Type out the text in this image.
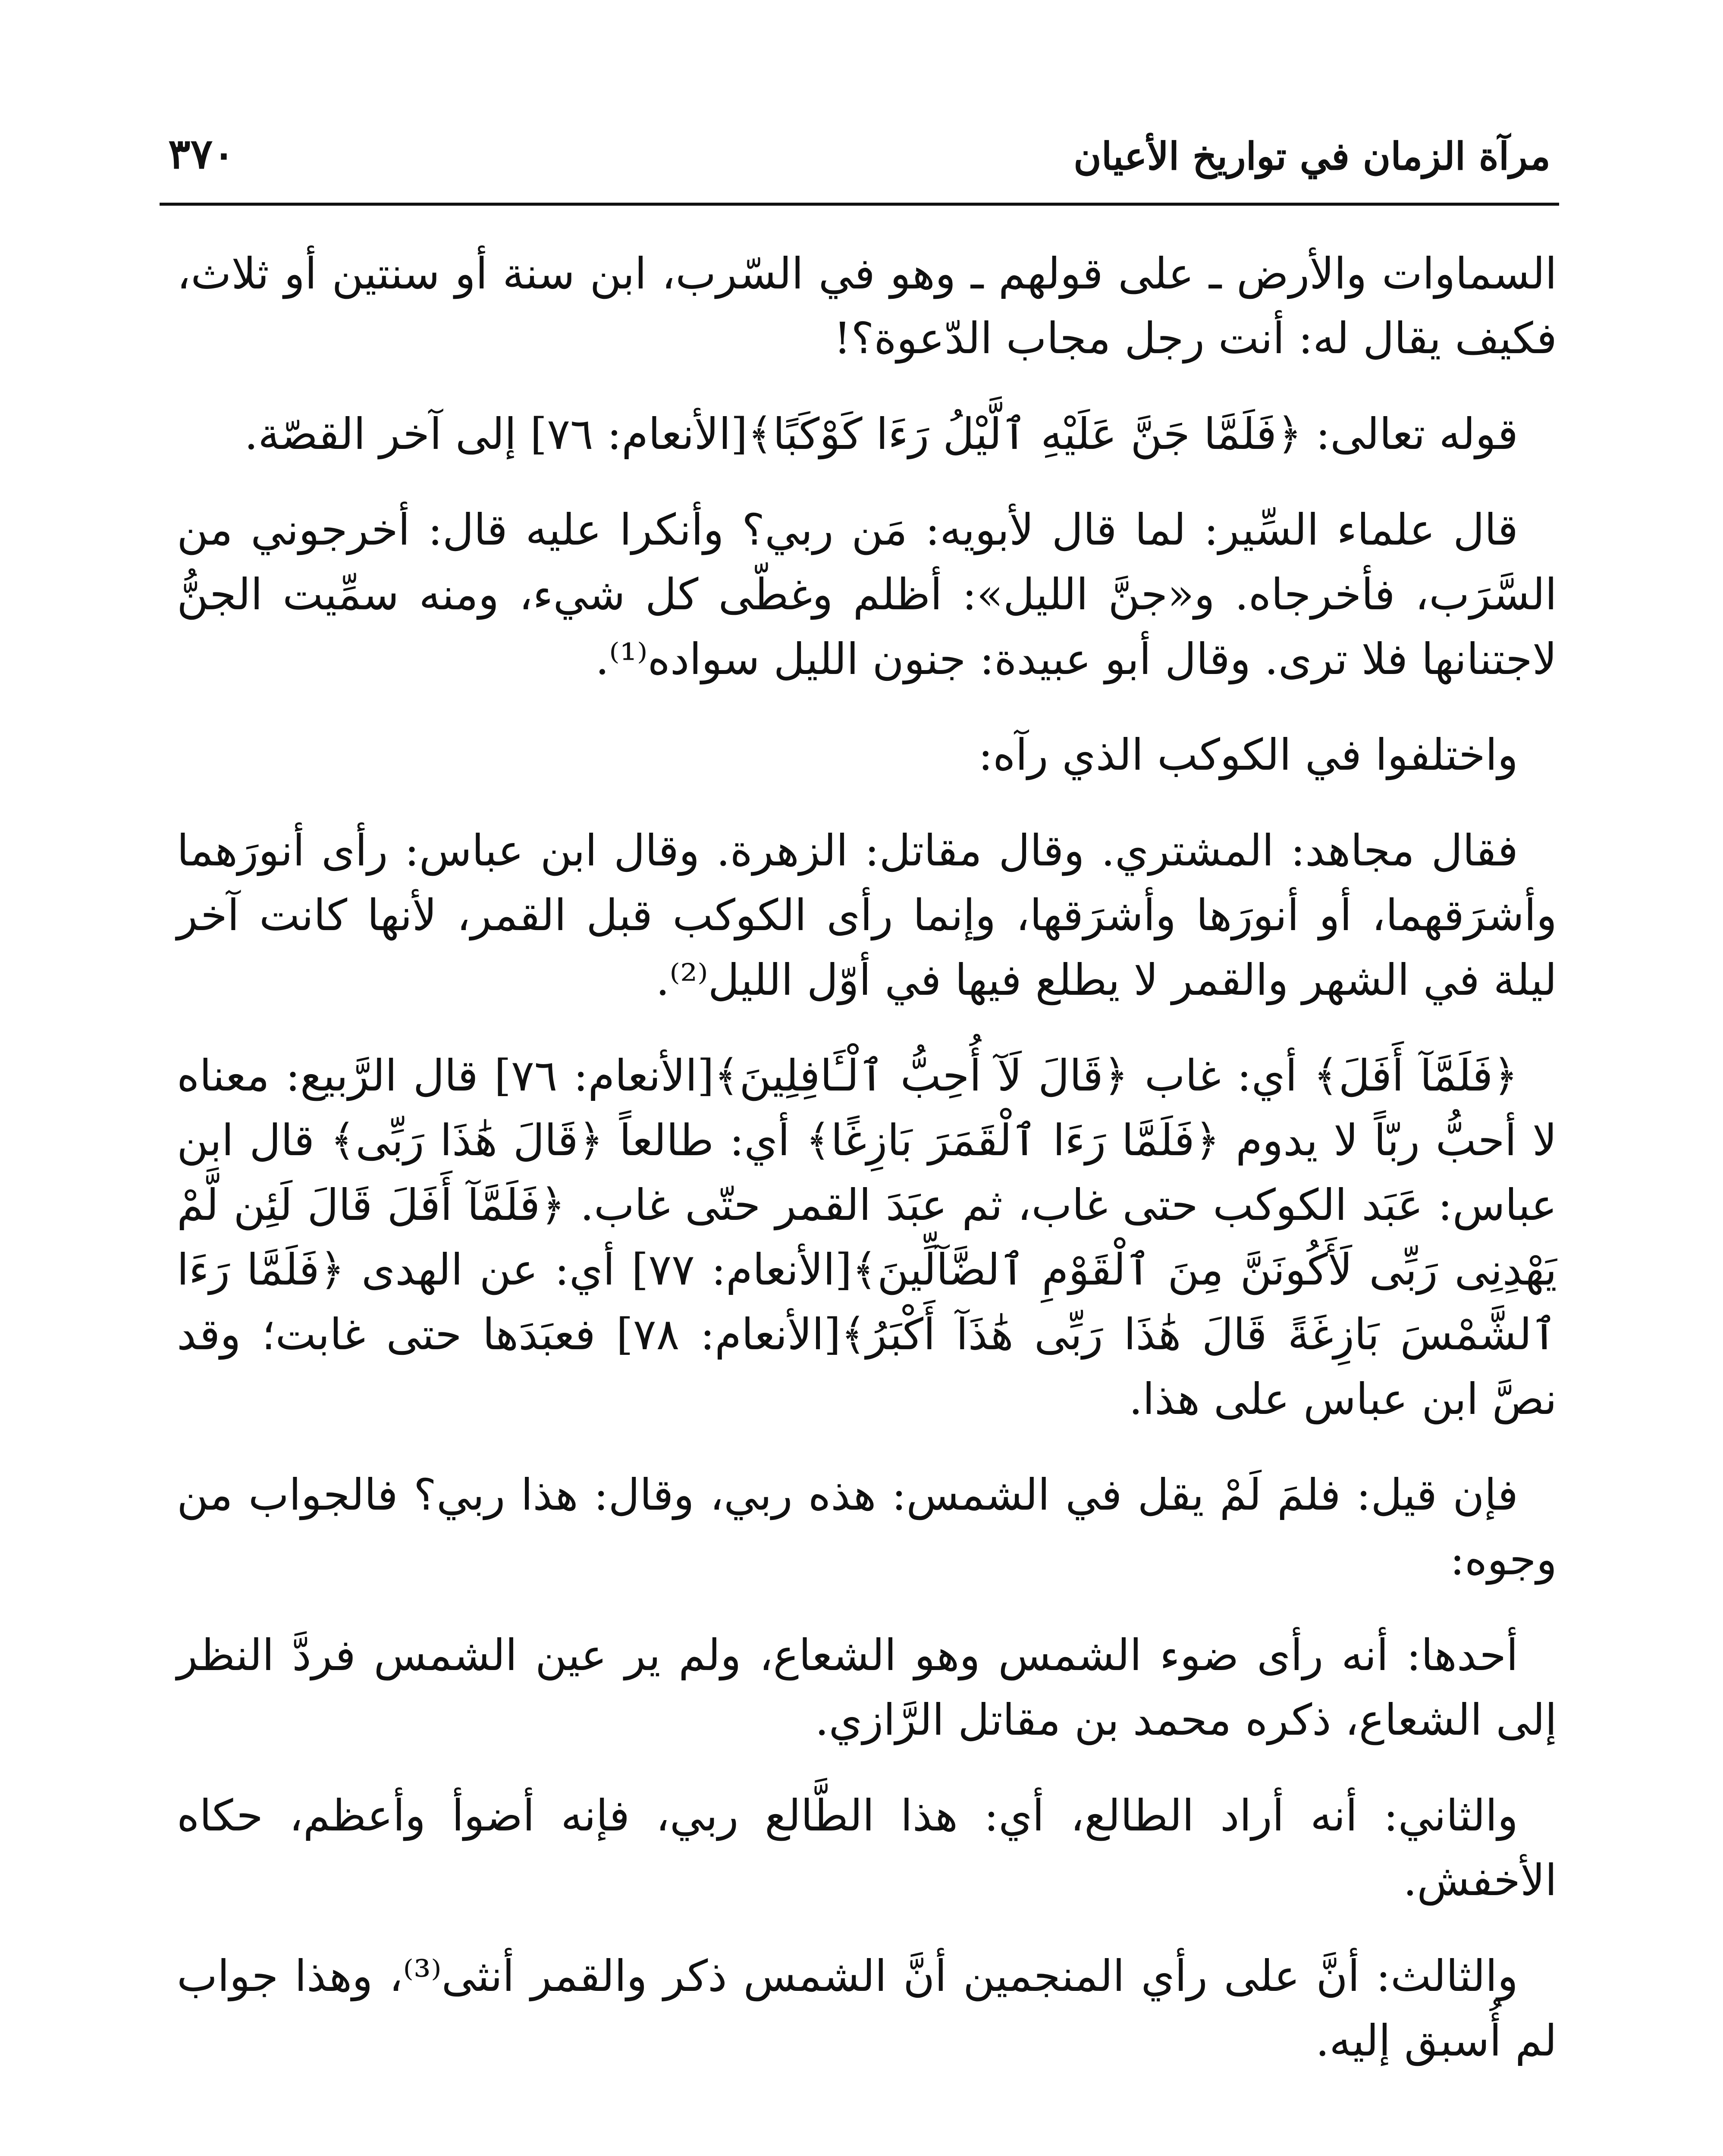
٣٧٠	مرآة الزمان في تواريخ الأعيان

السماوات والأرض ـ على قولهم ـ وهو في السّرب، ابن سنة أو سنتين أو ثلاث، فكيف يقال له: أنت رجل مجاب الدّعوة؟!

قوله تعالى: ﴿فَلَمَّا جَنَّ عَلَيْهِ ٱلَّيْلُ رَءَا كَوْكَبًا﴾[الأنعام: ٧٦] إلى آخر القصّة.

قال علماء السِّير: لما قال لأبويه: مَن ربي؟ وأنكرا عليه قال: أخرجوني من السَّرَب، فأخرجاه. و«جنَّ الليل»: أظلم وغطّى كل شيء، ومنه سمِّيت الجنُّ لاجتنانها فلا ترى. وقال أبو عبيدة: جنون الليل سواده⁽¹⁾.

واختلفوا في الكوكب الذي رآه:

فقال مجاهد: المشتري. وقال مقاتل: الزهرة. وقال ابن عباس: رأى أنورَهما وأشرَقهما، أو أنورَها وأشرَقها، وإنما رأى الكوكب قبل القمر، لأنها كانت آخر ليلة في الشهر والقمر لا يطلع فيها في أوّل الليل⁽²⁾.

﴿فَلَمَّآ أَفَلَ﴾ أي: غاب ﴿قَالَ لَآ أُحِبُّ ٱلْـَٔافِلِينَ﴾[الأنعام: ٧٦] قال الرَّبيع: معناه لا أحبُّ ربّاً لا يدوم ﴿فَلَمَّا رَءَا ٱلْقَمَرَ بَازِغًا﴾ أي: طالعاً ﴿قَالَ هَٰذَا رَبِّى﴾ قال ابن عباس: عَبَد الكوكب حتى غاب، ثم عبَدَ القمر حتّى غاب. ﴿فَلَمَّآ أَفَلَ قَالَ لَئِن لَّمْ يَهْدِنِى رَبِّى لَأَكُونَنَّ مِنَ ٱلْقَوْمِ ٱلضَّآلِّينَ﴾[الأنعام: ٧٧] أي: عن الهدى ﴿فَلَمَّا رَءَا ٱلشَّمْسَ بَازِغَةً قَالَ هَٰذَا رَبِّى هَٰذَآ أَكْبَرُ﴾[الأنعام: ٧٨] فعبَدَها حتى غابت؛ وقد نصَّ ابن عباس على هذا.

فإن قيل: فلمَ لَمْ يقل في الشمس: هذه ربي، وقال: هذا ربي؟ فالجواب من وجوه:

أحدها: أنه رأى ضوء الشمس وهو الشعاع، ولم ير عين الشمس فردَّ النظر إلى الشعاع، ذكره محمد بن مقاتل الرَّازي.

والثاني: أنه أراد الطالع، أي: هذا الطَّالع ربي، فإنه أضوأ وأعظم، حكاه الأخفش.

والثالث: أنَّ على رأي المنجمين أنَّ الشمس ذكر والقمر أنثى⁽³⁾، وهذا جواب لم أُسبق إليه.
